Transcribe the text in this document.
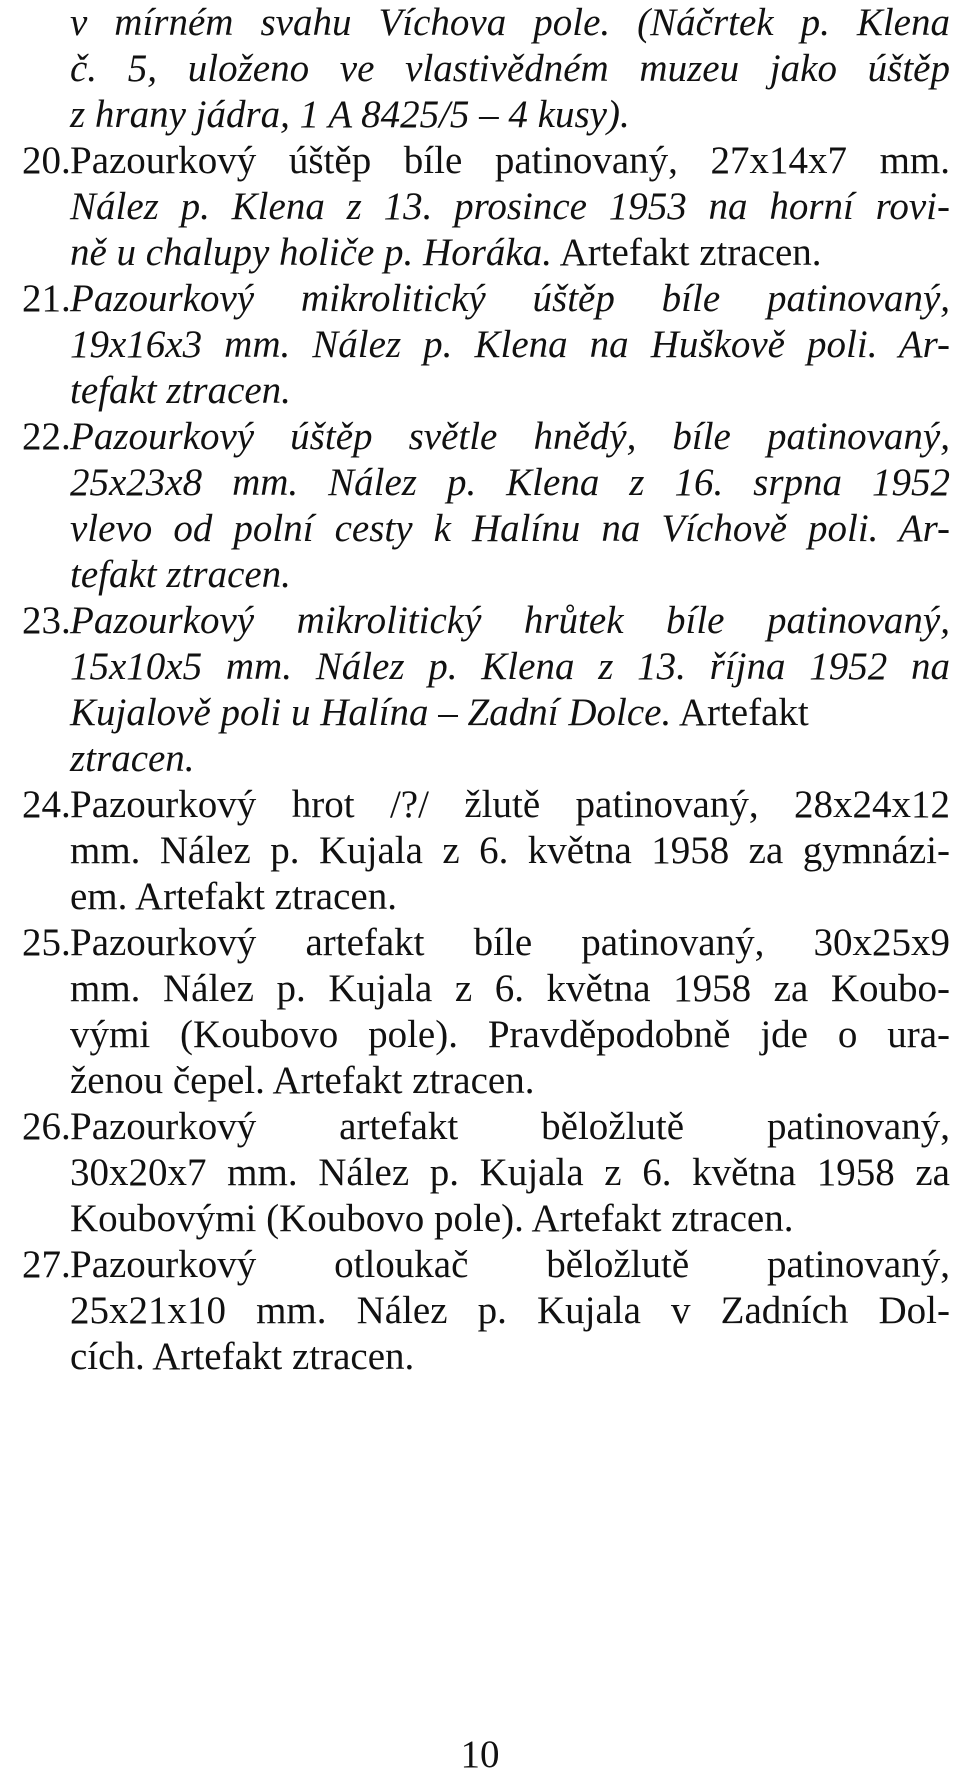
v mírném svahu Víchova pole. (Náčrtek p. Klena
č. 5, uloženo ve vlastivědném muzeu jako úštěp
z hrany jádra, 1 A 8425/5 – 4 kusy).
20. Pazourkový úštěp bíle patinovaný, 27x14x7 mm.
Nález p. Klena z 13. prosince 1953 na horní rovi-
ně u chalupy holiče p. Horáka. Artefakt ztracen.
21. Pazourkový mikrolitický úštěp bíle patinovaný,
19x16x3 mm. Nález p. Klena na Huškově poli. Ar-
tefakt ztracen.
22. Pazourkový úštěp světle hnědý, bíle patinovaný,
25x23x8 mm. Nález p. Klena z 16. srpna 1952
vlevo od polní cesty k Halínu na Víchově poli. Ar-
tefakt ztracen.
23. Pazourkový mikrolitický hrůtek bíle patinovaný,
15x10x5 mm. Nález p. Klena z 13. října 1952 na
Kujalově poli u Halína – Zadní Dolce. Artefakt
ztracen.
24. Pazourkový hrot /?/ žlutě patinovaný, 28x24x12
mm. Nález p. Kujala z 6. května 1958 za gymnázi-
em. Artefakt ztracen.
25. Pazourkový artefakt bíle patinovaný, 30x25x9
mm. Nález p. Kujala z 6. května 1958 za Koubo-
vými (Koubovo pole). Pravděpodobně jde o ura-
ženou čepel. Artefakt ztracen.
26. Pazourkový artefakt běložlutě patinovaný,
30x20x7 mm. Nález p. Kujala z 6. května 1958 za
Koubovými (Koubovo pole). Artefakt ztracen.
27. Pazourkový otloukač běložlutě patinovaný,
25x21x10 mm. Nález p. Kujala v Zadních Dol-
cích. Artefakt ztracen.
10
